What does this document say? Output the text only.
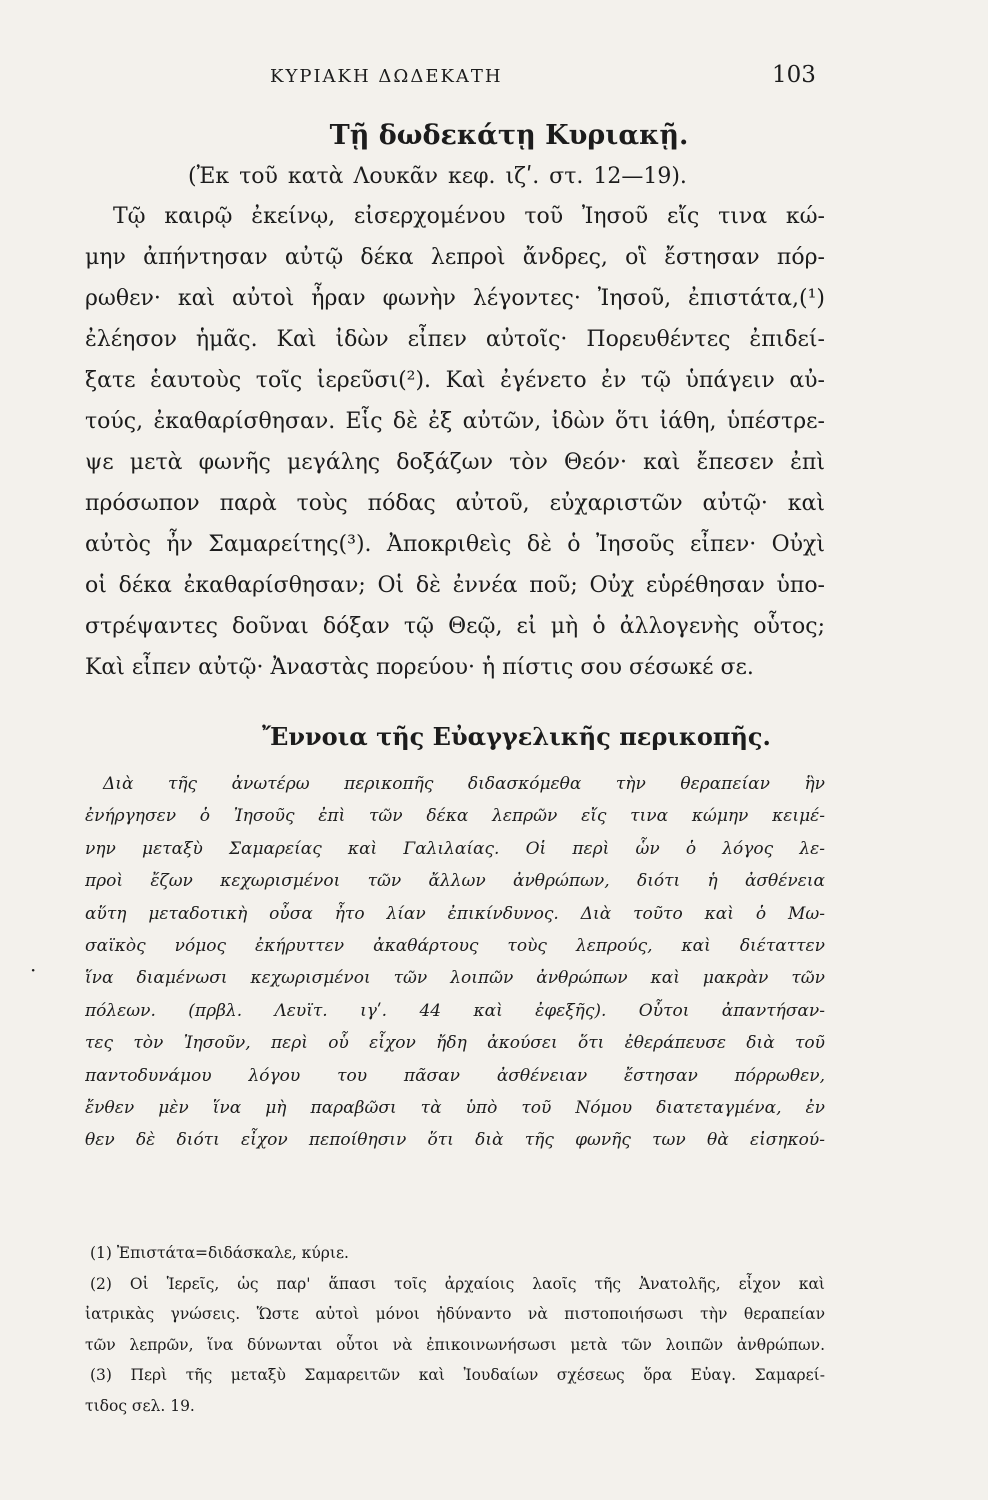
ΚΥΡΙΑΚΗ ΔΩΔΕΚΑΤΗ	103
Τῇ δωδεκάτῃ Κυριακῇ.
(Ἐκ τοῦ κατὰ Λουκᾶν κεφ. ιζʹ. στ. 12—19).
Τῷ καιρῷ ἐκείνῳ, εἰσερχομένου τοῦ Ἰησοῦ εἴς τινα κώ-
μην ἀπήντησαν αὐτῷ δέκα λεπροὶ ἄνδρες, οἳ ἔστησαν πόρ-
ρωθεν· καὶ αὐτοὶ ἦραν φωνὴν λέγοντες· Ἰησοῦ, ἐπιστάτα,(¹)
ἐλέησον ἡμᾶς. Καὶ ἰδὼν εἶπεν αὐτοῖς· Πορευθέντες ἐπιδεί-
ξατε ἑαυτοὺς τοῖς ἱερεῦσι(²). Καὶ ἐγένετο ἐν τῷ ὑπάγειν αὐ-
τούς, ἐκαθαρίσθησαν. Εἷς δὲ ἐξ αὐτῶν, ἰδὼν ὅτι ἰάθη, ὑπέστρε-
ψε μετὰ φωνῆς μεγάλης δοξάζων τὸν Θεόν· καὶ ἔπεσεν ἐπὶ
πρόσωπον παρὰ τοὺς πόδας αὐτοῦ, εὐχαριστῶν αὐτῷ· καὶ
αὐτὸς ἦν Σαμαρείτης(³). Ἀποκριθεὶς δὲ ὁ Ἰησοῦς εἶπεν· Οὐχὶ
οἱ δέκα ἐκαθαρίσθησαν; Οἱ δὲ ἐννέα ποῦ; Οὐχ εὑρέθησαν ὑπο-
στρέψαντες δοῦναι δόξαν τῷ Θεῷ, εἰ μὴ ὁ ἀλλογενὴς οὗτος;
Καὶ εἶπεν αὐτῷ· Ἀναστὰς πορεύου· ἡ πίστις σου σέσωκέ σε.
Ἔννοια τῆς Εὐαγγελικῆς περικοπῆς.
·
Διὰ τῆς ἀνωτέρω περικοπῆς διδασκόμεθα τὴν θεραπείαν ἣν
ἐνήργησεν ὁ Ἰησοῦς ἐπὶ τῶν δέκα λεπρῶν εἴς τινα κώμην κειμέ-
νην μεταξὺ Σαμαρείας καὶ Γαλιλαίας. Οἱ περὶ ὧν ὁ λόγος λε-
προὶ ἔζων κεχωρισμένοι τῶν ἄλλων ἀνθρώπων, διότι ἡ ἀσθένεια
αὕτη μεταδοτικὴ οὖσα ἦτο λίαν ἐπικίνδυνος. Διὰ τοῦτο καὶ ὁ Μω-
σαϊκὸς νόμος ἐκήρυττεν ἀκαθάρτους τοὺς λεπρούς, καὶ διέταττεν
ἵνα διαμένωσι κεχωρισμένοι τῶν λοιπῶν ἀνθρώπων καὶ μακρὰν τῶν
πόλεων. (πρβλ. Λευϊτ. ιγʹ. 44 καὶ ἐφεξῆς). Οὗτοι ἀπαντήσαν-
τες τὸν Ἰησοῦν, περὶ οὗ εἶχον ἤδη ἀκούσει ὅτι ἐθεράπευσε διὰ τοῦ
παντοδυνάμου λόγου του πᾶσαν ἀσθένειαν ἔστησαν πόρρωθεν,
ἔνθεν μὲν ἵνα μὴ παραβῶσι τὰ ὑπὸ τοῦ Νόμου διατεταγμένα, ἐν
θεν δὲ διότι εἶχον πεποίθησιν ὅτι διὰ τῆς φωνῆς των θὰ εἰσηκού-
(1) Ἐπιστάτα=διδάσκαλε, κύριε.
(2) Οἱ Ἱερεῖς, ὡς παρ' ἅπασι τοῖς ἀρχαίοις λαοῖς τῆς Ἀνατολῆς, εἶχον καὶ
ἰατρικὰς γνώσεις. Ὥστε αὐτοὶ μόνοι ἠδύναντο νὰ πιστοποιήσωσι τὴν θεραπείαν
τῶν λεπρῶν, ἵνα δύνωνται οὗτοι νὰ ἐπικοινωνήσωσι μετὰ τῶν λοιπῶν ἀνθρώπων.
(3) Περὶ τῆς μεταξὺ Σαμαρειτῶν καὶ Ἰουδαίων σχέσεως ὅρα Εὐαγ. Σαμαρεί-
τιδος σελ. 19.
